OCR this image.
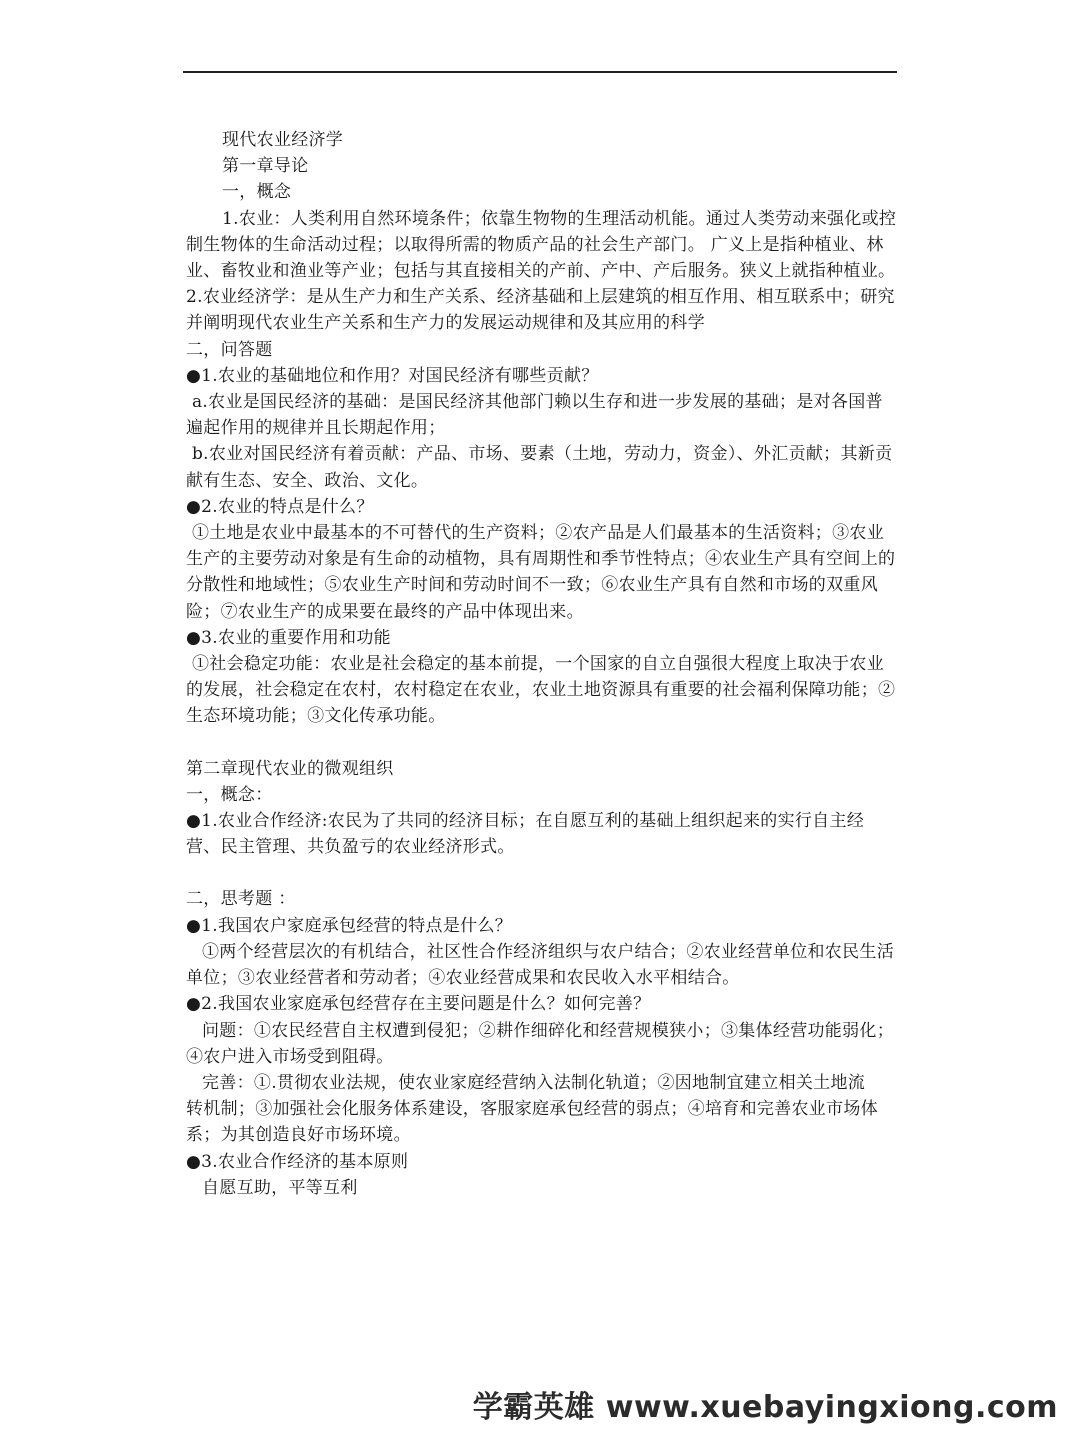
现代农业经济学

第一章导论

一，概念

1.农业：人类利用自然环境条件；依靠生物物的生理活动机能。通过人类劳动来强化或控制生物体的生命活动过程；以取得所需的物质产品的社会生产部门。 广义上是指种植业、林业、畜牧业和渔业等产业；包括与其直接相关的产前、产中、产后服务。狭义上就指种植业。　2.农业经济学：是从生产力和生产关系、经济基础和上层建筑的相互作用、相互联系中；研究并阐明现代农业生产关系和生产力的发展运动规律和及其应用的科学

二，问答题

●1.农业的基础地位和作用？对国民经济有哪些贡献？

a.农业是国民经济的基础：是国民经济其他部门赖以生存和进一步发展的基础；是对各国普遍起作用的规律并且长期起作用；

b.农业对国民经济有着贡献：产品、市场、要素（土地，劳动力，资金）、外汇贡献；其新贡献有生态、安全、政治、文化。

●2.农业的特点是什么？

①土地是农业中最基本的不可替代的生产资料；②农产品是人们最基本的生活资料；③农业生产的主要劳动对象是有生命的动植物，具有周期性和季节性特点；④农业生产具有空间上的分散性和地域性；⑤农业生产时间和劳动时间不一致；⑥农业生产具有自然和市场的双重风险；⑦农业生产的成果要在最终的产品中体现出来。

●3.农业的重要作用和功能

①社会稳定功能：农业是社会稳定的基本前提，一个国家的自立自强很大程度上取决于农业的发展，社会稳定在农村，农村稳定在农业，农业土地资源具有重要的社会福利保障功能；②生态环境功能；③文化传承功能。

第二章现代农业的微观组织

一，概念：

●1.农业合作经济:农民为了共同的经济目标；在自愿互利的基础上组织起来的实行自主经营、民主管理、共负盈亏的农业经济形式。

二，思考题 ：

●1.我国农户家庭承包经营的特点是什么？

①两个经营层次的有机结合，社区性合作经济组织与农户结合；②农业经营单位和农民生活单位；③农业经营者和劳动者；④农业经营成果和农民收入水平相结合。

●2.我国农业家庭承包经营存在主要问题是什么？如何完善？

问题：①农民经营自主权遭到侵犯；②耕作细碎化和经营规模狭小；③集体经营功能弱化；④农户进入市场受到阻碍。

完善：①.贯彻农业法规，使农业家庭经营纳入法制化轨道；②因地制宜建立相关土地流

转机制；③加强社会化服务体系建设，客服家庭承包经营的弱点；④培育和完善农业市场体系；为其创造良好市场环境。

●3.农业合作经济的基本原则

自愿互助，平等互利

学霸英雄 www.xuebayingxiong.com
